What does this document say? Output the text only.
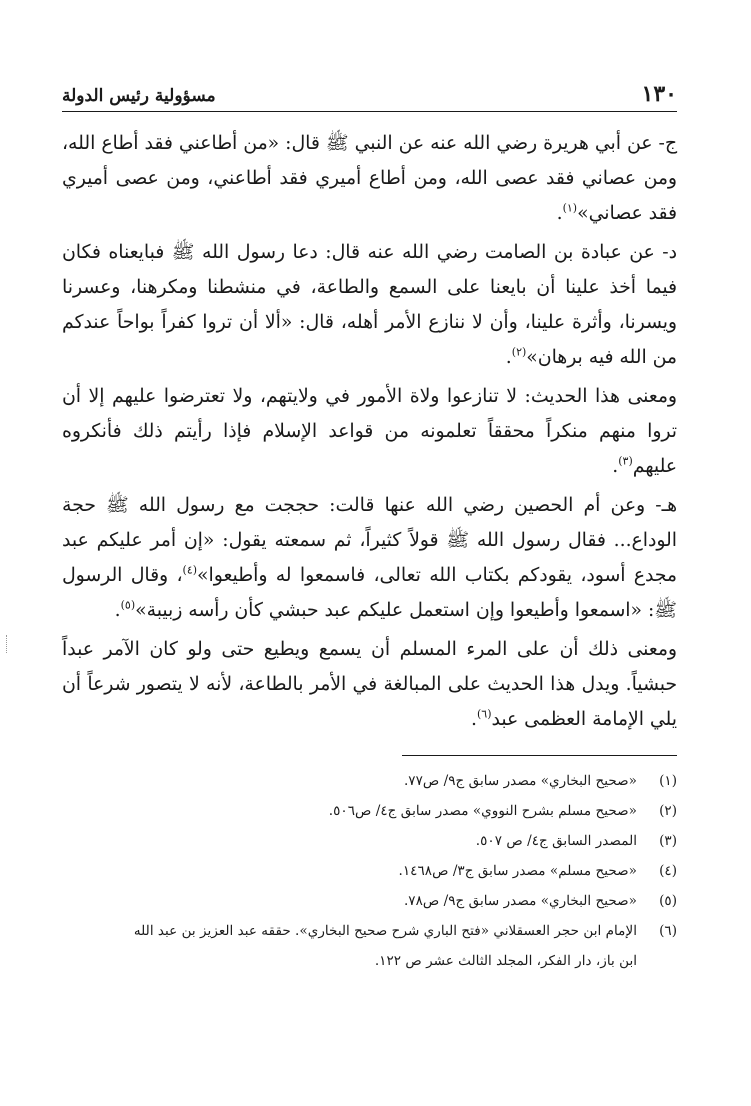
١٣٠
مسؤولية رئيس الدولة

ج- عن أبي هريرة رضي الله عنه عن النبي ﷺ قال: «من أطاعني فقد أطاع الله، ومن عصاني فقد عصى الله، ومن أطاع أميري فقد أطاعني، ومن عصى أميري فقد عصاني»$^{(١)}$.

د- عن عبادة بن الصامت رضي الله عنه قال: دعا رسول الله ﷺ فبايعناه فكان فيما أخذ علينا أن بايعنا على السمع والطاعة، في منشطنا ومكرهنا، وعسرنا ويسرنا، وأثرة علينا، وأن لا ننازع الأمر أهله، قال: «ألا أن تروا كفراً بواحاً عندكم من الله فيه برهان»$^{(٢)}$.

ومعنى هذا الحديث: لا تنازعوا ولاة الأمور في ولايتهم، ولا تعترضوا عليهم إلا أن تروا منهم منكراً محققاً تعلمونه من قواعد الإسلام فإذا رأيتم ذلك فأنكروه عليهم$^{(٣)}$.

هـ- وعن أم الحصين رضي الله عنها قالت: حججت مع رسول الله ﷺ حجة الوداع... فقال رسول الله ﷺ قولاً كثيراً، ثم سمعته يقول: «إن أمر عليكم عبد مجدع أسود، يقودكم بكتاب الله تعالى، فاسمعوا له وأطيعوا»$^{(٤)}$، وقال الرسول ﷺ: «اسمعوا وأطيعوا وإن استعمل عليكم عبد حبشي كأن رأسه زبيبة»$^{(٥)}$.

ومعنى ذلك أن على المرء المسلم أن يسمع ويطيع حتى ولو كان الآمر عبداً حبشياً. ويدل هذا الحديث على المبالغة في الأمر بالطاعة، لأنه لا يتصور شرعاً أن يلي الإمامة العظمى عبد$^{(٦)}$.

(١)
«صحيح البخاري» مصدر سابق ج٩/ ص٧٧.
(٢)
«صحيح مسلم بشرح النووي» مصدر سابق ج٤/ ص٥٠٦.
(٣)
المصدر السابق ج٤/ ص ٥٠٧.
(٤)
«صحيح مسلم» مصدر سابق ج٣/ ص١٤٦٨.
(٥)
«صحيح البخاري» مصدر سابق ج٩/ ص٧٨.
(٦)
الإمام ابن حجر العسقلاني «فتح الباري شرح صحيح البخاري». حققه عبد العزيز بن عبد الله
ابن باز، دار الفكر، المجلد الثالث عشر ص ١٢٢.
